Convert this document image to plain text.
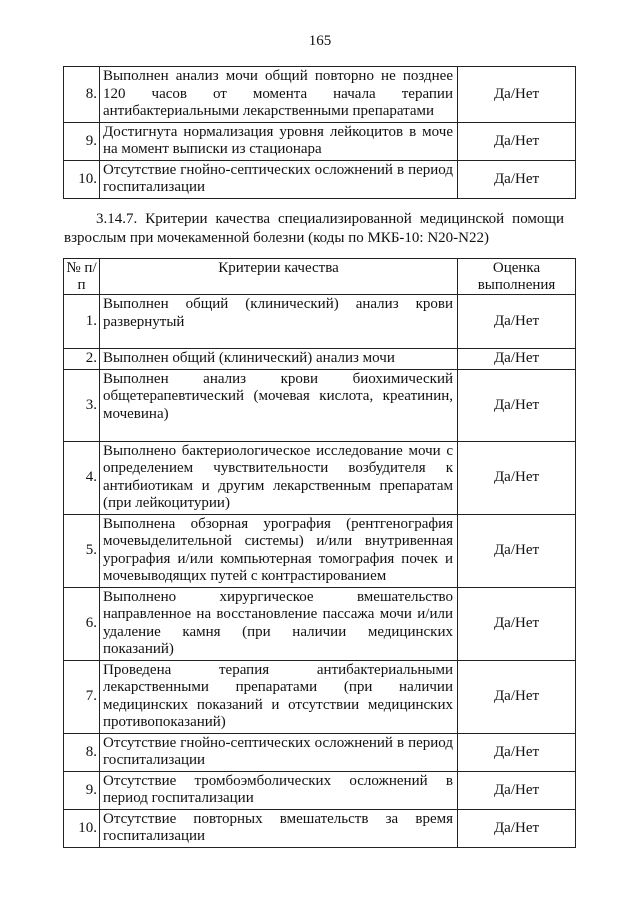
165
8.	Выполнен анализ мочи общий повторно не позднее 120 часов от момента начала терапии антибактериальными лекарственными препаратами	Да/Нет
9.	Достигнута нормализация уровня лейкоцитов в моче на момент выписки из стационара	Да/Нет
10.	Отсутствие гнойно-септических осложнений в период госпитализации	Да/Нет
3.14.7. Критерии качества специализированной медицинской помощи взрослым при мочекаменной болезни (коды по МКБ-10: N20-N22)
№ п/п	Критерии качества	Оценка выполнения
1.	Выполнен общий (клинический) анализ крови развернутый	Да/Нет
2.	Выполнен общий (клинический) анализ мочи	Да/Нет
3.	Выполнен анализ крови биохимический общетерапевтический (мочевая кислота, креатинин, мочевина)	Да/Нет
4.	Выполнено бактериологическое исследование мочи с определением чувствительности возбудителя к антибиотикам и другим лекарственным препаратам (при лейкоцитурии)	Да/Нет
5.	Выполнена обзорная урография (рентгенография мочевыделительной системы) и/или внутривенная урография и/или компьютерная томография почек и мочевыводящих путей с контрастированием	Да/Нет
6.	Выполнено хирургическое вмешательство направленное на восстановление пассажа мочи и/или удаление камня (при наличии медицинских показаний)	Да/Нет
7.	Проведена терапия антибактериальными лекарственными препаратами (при наличии медицинских показаний и отсутствии медицинских противопоказаний)	Да/Нет
8.	Отсутствие гнойно-септических осложнений в период госпитализации	Да/Нет
9.	Отсутствие тромбоэмболических осложнений в период госпитализации	Да/Нет
10.	Отсутствие повторных вмешательств за время госпитализации	Да/Нет
